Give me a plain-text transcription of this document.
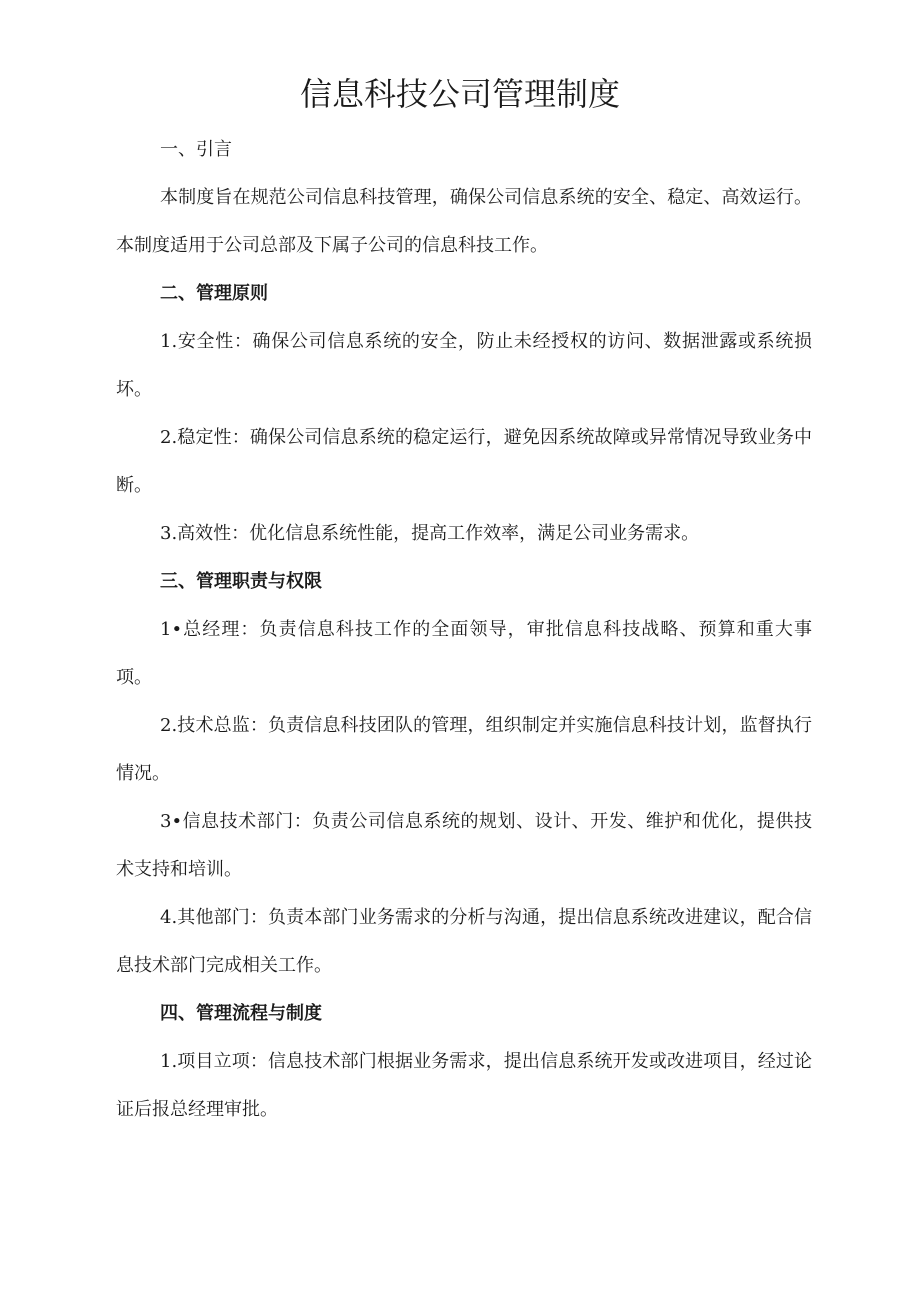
信息科技公司管理制度
一、引言

本制度旨在规范公司信息科技管理，确保公司信息系统的安全、稳定、高效运行。本制度适用于公司总部及下属子公司的信息科技工作。

二、管理原则

1.安全性：确保公司信息系统的安全，防止未经授权的访问、数据泄露或系统损坏。

2.稳定性：确保公司信息系统的稳定运行，避免因系统故障或异常情况导致业务中断。

3.高效性：优化信息系统性能，提高工作效率，满足公司业务需求。

三、管理职责与权限

1•总经理：负责信息科技工作的全面领导，审批信息科技战略、预算和重大事项。

2.技术总监：负责信息科技团队的管理，组织制定并实施信息科技计划，监督执行情况。

3•信息技术部门：负责公司信息系统的规划、设计、开发、维护和优化，提供技术支持和培训。

4.其他部门：负责本部门业务需求的分析与沟通，提出信息系统改进建议，配合信息技术部门完成相关工作。

四、管理流程与制度

1.项目立项：信息技术部门根据业务需求，提出信息系统开发或改进项目，经过论证后报总经理审批。
